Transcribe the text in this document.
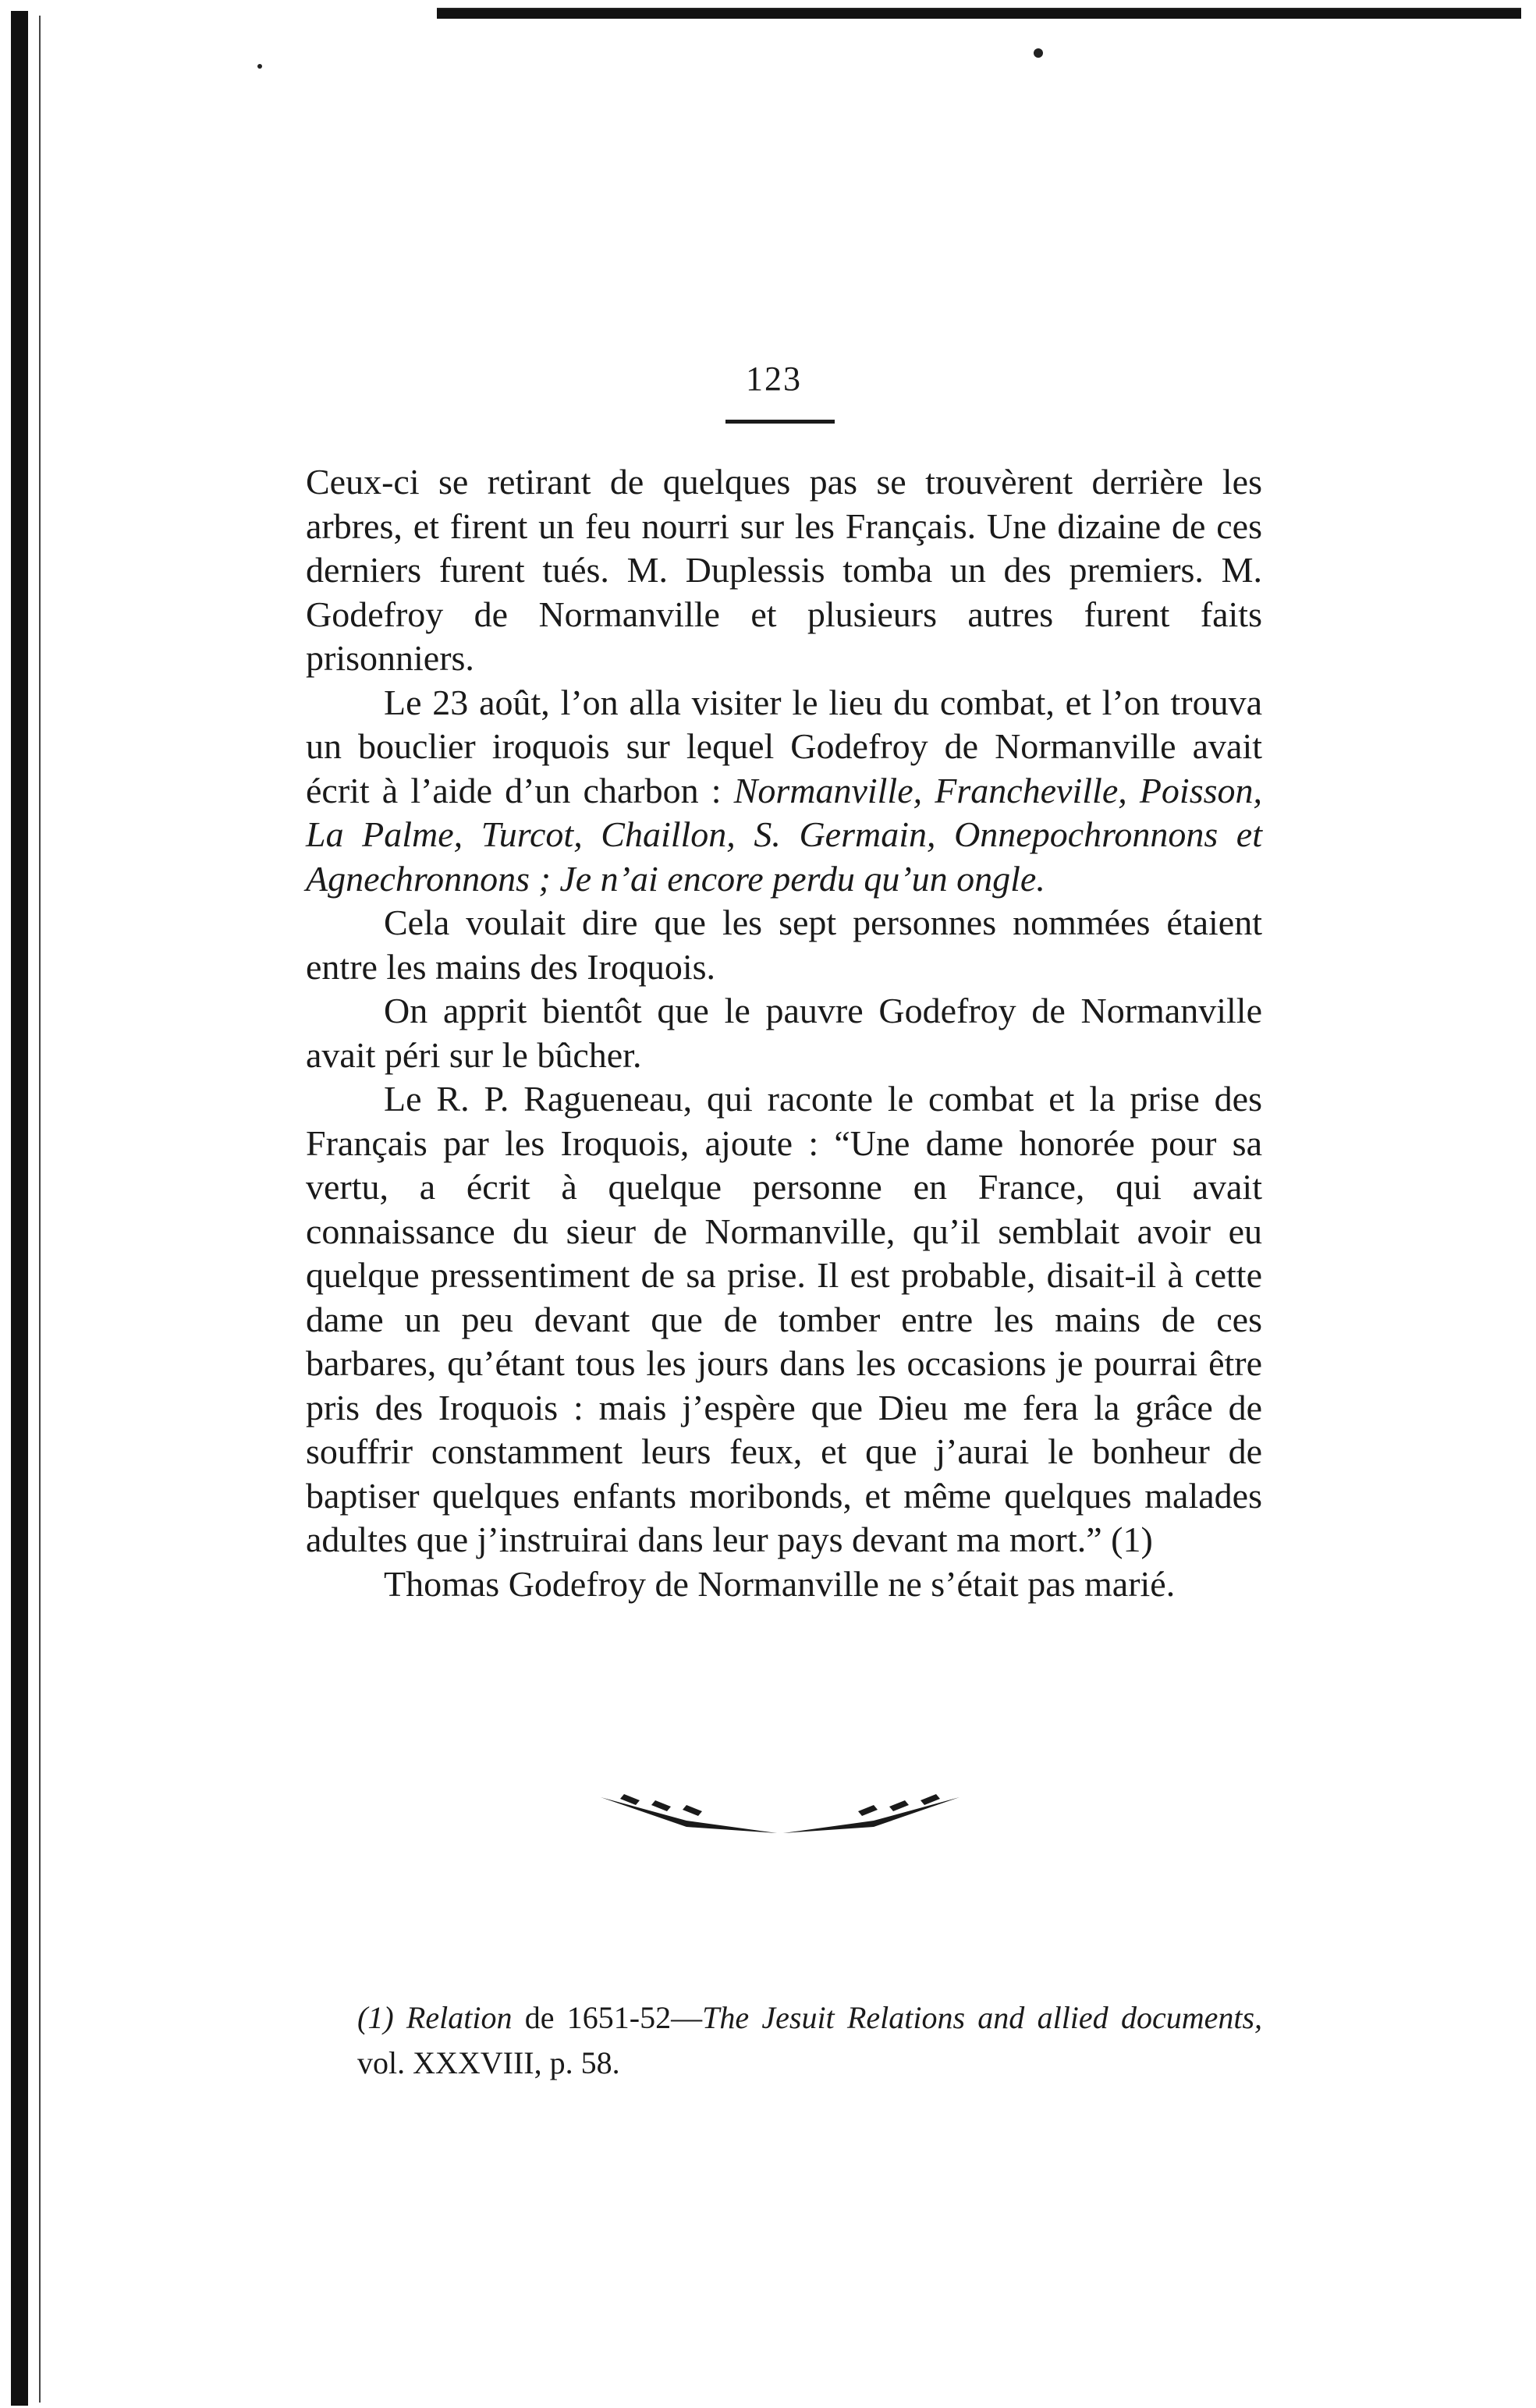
123

Ceux-ci se retirant de quelques pas se trouvèrent derrière les arbres, et firent un feu nourri sur les Français. Une dizaine de ces derniers furent tués. M. Duplessis tomba un des premiers. M. Godefroy de Normanville et plusieurs autres furent faits prisonniers.

Le 23 août, l’on alla visiter le lieu du combat, et l’on trouva un bouclier iroquois sur lequel Godefroy de Normanville avait écrit à l’aide d’un charbon : Normanville, Francheville, Poisson, La Palme, Turcot, Chaillon, S. Germain, Onnepochronnons et Agnechronnons ; Je n’ai encore perdu qu’un ongle.

Cela voulait dire que les sept personnes nommées étaient entre les mains des Iroquois.

On apprit bientôt que le pauvre Godefroy de Normanville avait péri sur le bûcher.

Le R. P. Ragueneau, qui raconte le combat et la prise des Français par les Iroquois, ajoute : “Une dame honorée pour sa vertu, a écrit à quelque personne en France, qui avait connaissance du sieur de Normanville, qu’il semblait avoir eu quelque pressentiment de sa prise. Il est probable, disait-il à cette dame un peu devant que de tomber entre les mains de ces barbares, qu’étant tous les jours dans les occasions je pourrai être pris des Iroquois : mais j’espère que Dieu me fera la grâce de souffrir constamment leurs feux, et que j’aurai le bonheur de baptiser quelques enfants moribonds, et même quelques malades adultes que j’instruirai dans leur pays devant ma mort.” (1)

Thomas Godefroy de Normanville ne s’était pas marié.

(1) Relation de 1651-52—The Jesuit Relations and allied documents, vol. XXXVIII, p. 58.
